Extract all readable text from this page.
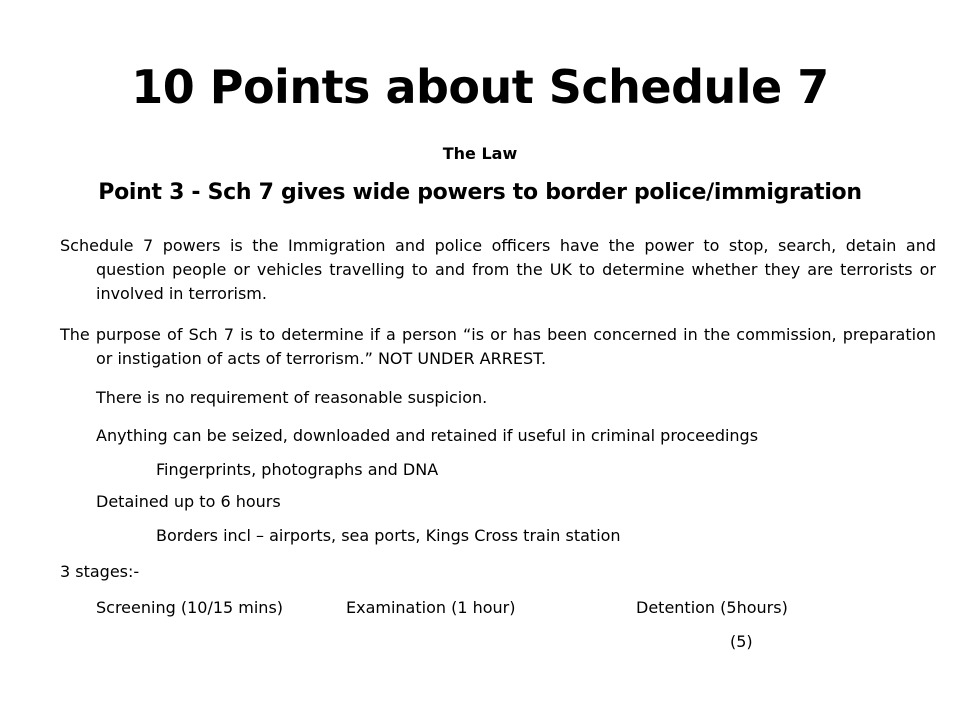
10 Points about Schedule 7
The Law
Point 3 - Sch 7 gives wide powers to border police/immigration
Schedule 7 powers is the Immigration and police officers have the power to stop, search, detain and question people or vehicles travelling to and from the UK to determine whether they are terrorists or involved in terrorism.
The purpose of Sch 7 is to determine if a person “is or has been concerned in the commission, preparation or instigation of acts of terrorism.” NOT UNDER ARREST.
There is no requirement of reasonable suspicion.
Anything can be seized, downloaded and retained if useful in criminal proceedings
Fingerprints, photographs and DNA
Detained up to 6 hours
Borders incl – airports, sea ports, Kings Cross train station
3 stages:-
Screening (10/15 mins)	Examination (1 hour)	Detention (5hours)
(5)
